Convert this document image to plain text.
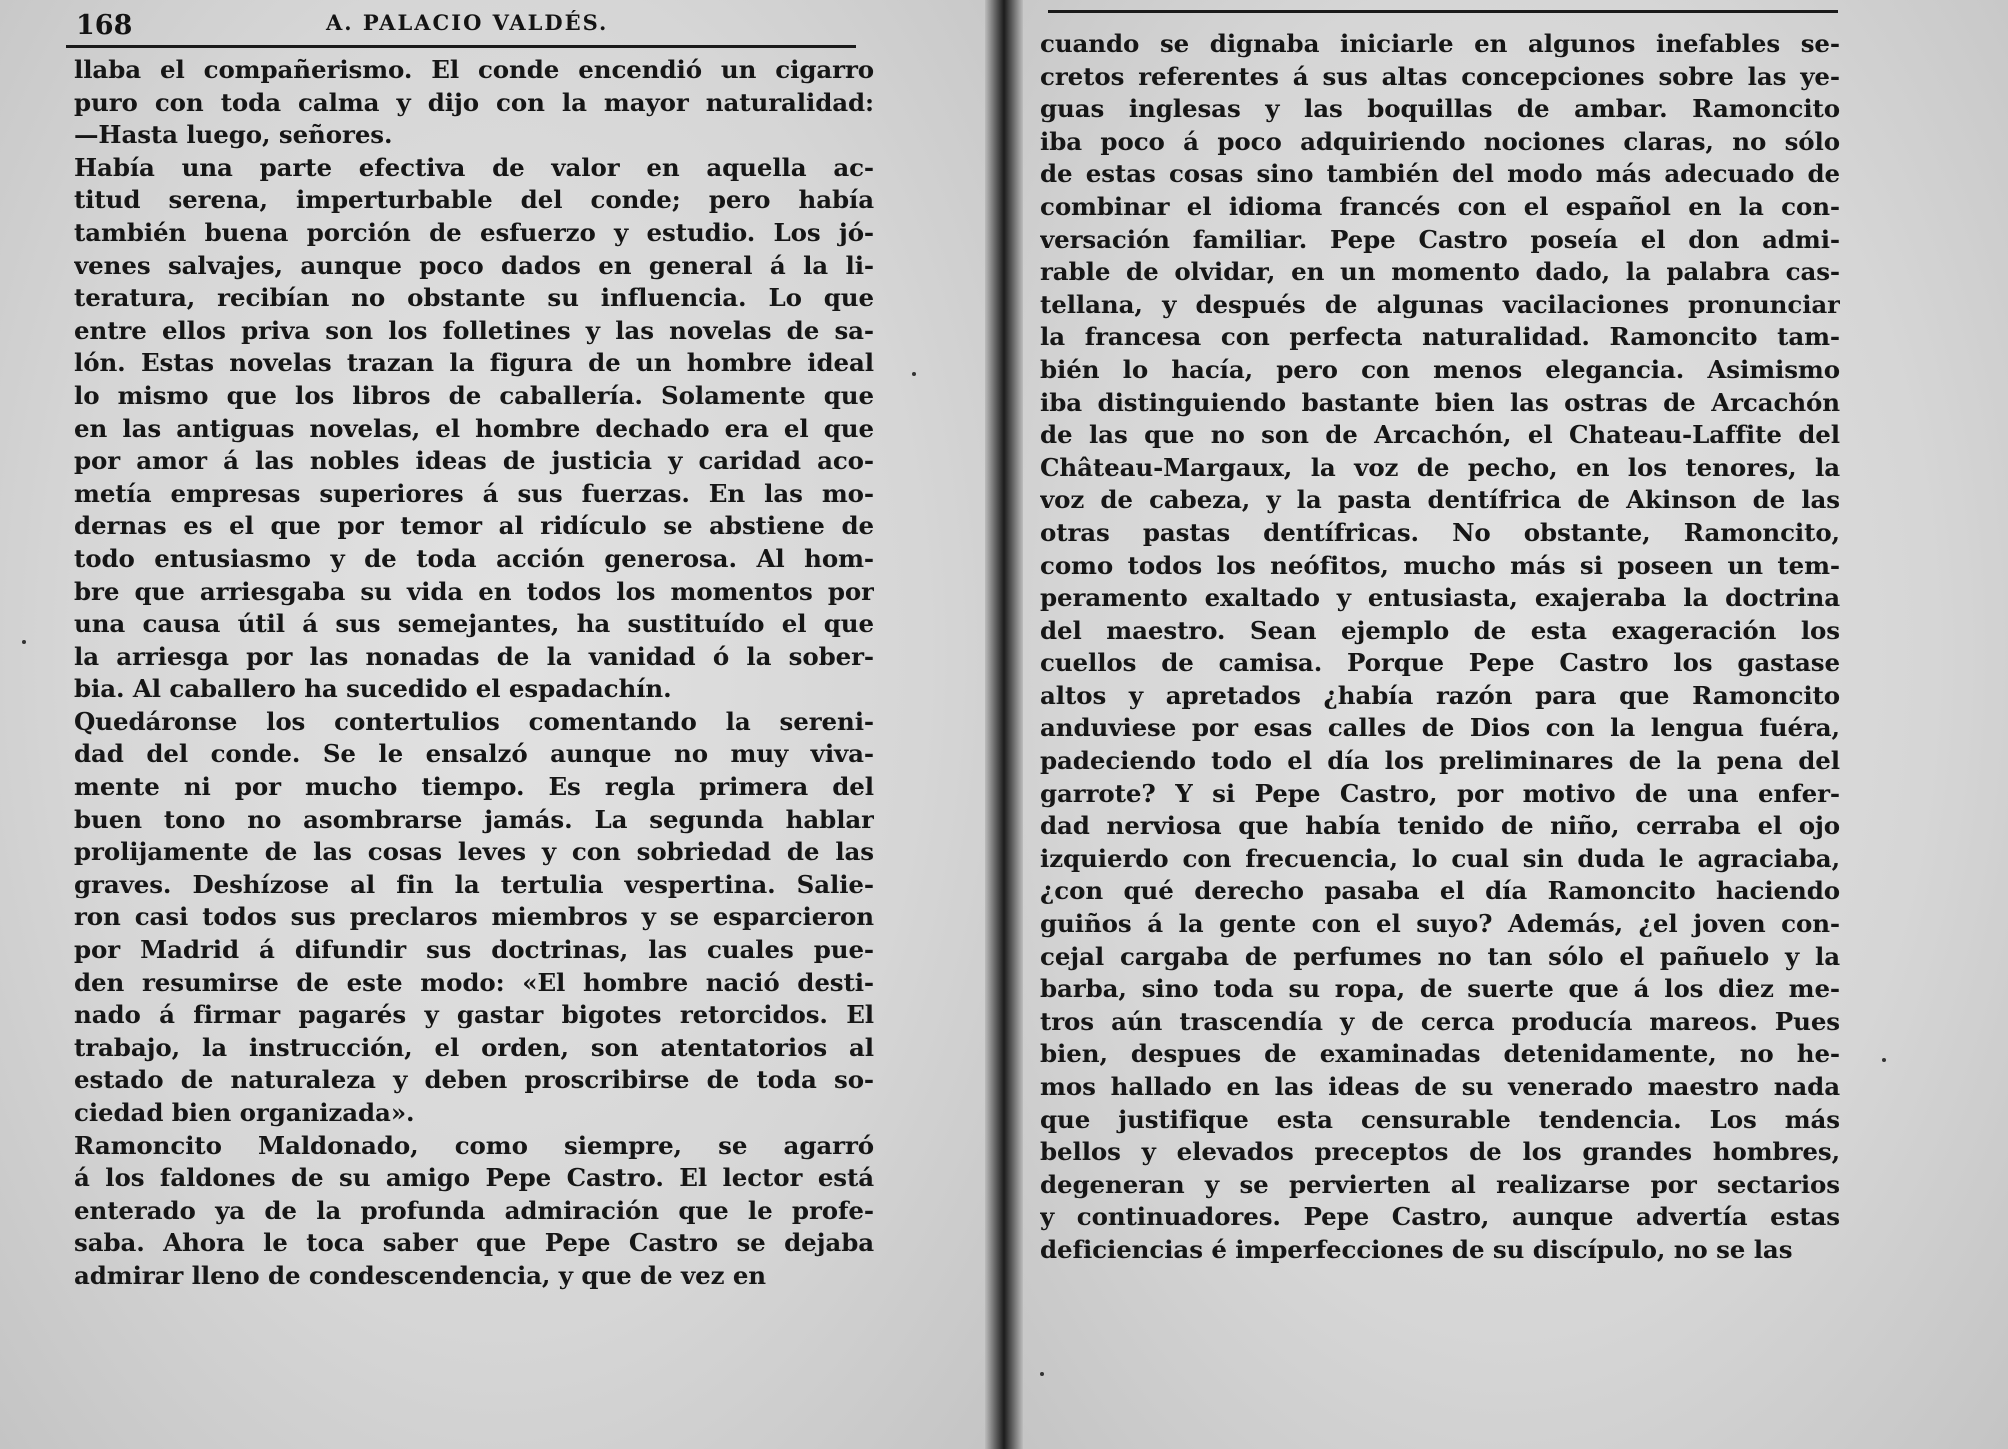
168	A. PALACIO VALDÉS.
llaba el compañerismo. El conde encendió un cigarro
puro con toda calma y dijo con la mayor naturalidad:
—Hasta luego, señores.
Había una parte efectiva de valor en aquella ac-
titud serena, imperturbable del conde; pero había
también buena porción de esfuerzo y estudio. Los jó-
venes salvajes, aunque poco dados en general á la li-
teratura, recibían no obstante su influencia. Lo que
entre ellos priva son los folletines y las novelas de sa-
lón. Estas novelas trazan la figura de un hombre ideal
lo mismo que los libros de caballería. Solamente que
en las antiguas novelas, el hombre dechado era el que
por amor á las nobles ideas de justicia y caridad aco-
metía empresas superiores á sus fuerzas. En las mo-
dernas es el que por temor al ridículo se abstiene de
todo entusiasmo y de toda acción generosa. Al hom-
bre que arriesgaba su vida en todos los momentos por
una causa útil á sus semejantes, ha sustituído el que
la arriesga por las nonadas de la vanidad ó la sober-
bia. Al caballero ha sucedido el espadachín.
Quedáronse los contertulios comentando la sereni-
dad del conde. Se le ensalzó aunque no muy viva-
mente ni por mucho tiempo. Es regla primera del
buen tono no asombrarse jamás. La segunda hablar
prolijamente de las cosas leves y con sobriedad de las
graves. Deshízose al fin la tertulia vespertina. Salie-
ron casi todos sus preclaros miembros y se esparcieron
por Madrid á difundir sus doctrinas, las cuales pue-
den resumirse de este modo: «El hombre nació desti-
nado á firmar pagarés y gastar bigotes retorcidos. El
trabajo, la instrucción, el orden, son atentatorios al
estado de naturaleza y deben proscribirse de toda so-
ciedad bien organizada».
Ramoncito Maldonado, como siempre, se agarró
á los faldones de su amigo Pepe Castro. El lector está
enterado ya de la profunda admiración que le profe-
saba. Ahora le toca saber que Pepe Castro se dejaba
admirar lleno de condescendencia, y que de vez en
cuando se dignaba iniciarle en algunos inefables se-
cretos referentes á sus altas concepciones sobre las ye-
guas inglesas y las boquillas de ambar. Ramoncito
iba poco á poco adquiriendo nociones claras, no sólo
de estas cosas sino también del modo más adecuado de
combinar el idioma francés con el español en la con-
versación familiar. Pepe Castro poseía el don admi-
rable de olvidar, en un momento dado, la palabra cas-
tellana, y después de algunas vacilaciones pronunciar
la francesa con perfecta naturalidad. Ramoncito tam-
bién lo hacía, pero con menos elegancia. Asimismo
iba distinguiendo bastante bien las ostras de Arcachón
de las que no son de Arcachón, el Chateau-Laffite del
Château-Margaux, la voz de pecho, en los tenores, la
voz de cabeza, y la pasta dentífrica de Akinson de las
otras pastas dentífricas. No obstante, Ramoncito,
como todos los neófitos, mucho más si poseen un tem-
peramento exaltado y entusiasta, exajeraba la doctrina
del maestro. Sean ejemplo de esta exageración los
cuellos de camisa. Porque Pepe Castro los gastase
altos y apretados ¿había razón para que Ramoncito
anduviese por esas calles de Dios con la lengua fuéra,
padeciendo todo el día los preliminares de la pena del
garrote? Y si Pepe Castro, por motivo de una enfer-
dad nerviosa que había tenido de niño, cerraba el ojo
izquierdo con frecuencia, lo cual sin duda le agraciaba,
¿con qué derecho pasaba el día Ramoncito haciendo
guiños á la gente con el suyo? Además, ¿el joven con-
cejal cargaba de perfumes no tan sólo el pañuelo y la
barba, sino toda su ropa, de suerte que á los diez me-
tros aún trascendía y de cerca producía mareos. Pues
bien, despues de examinadas detenidamente, no he-
mos hallado en las ideas de su venerado maestro nada
que justifique esta censurable tendencia. Los más
bellos y elevados preceptos de los grandes hombres,
degeneran y se pervierten al realizarse por sectarios
y continuadores. Pepe Castro, aunque advertía estas
deficiencias é imperfecciones de su discípulo, no se las
